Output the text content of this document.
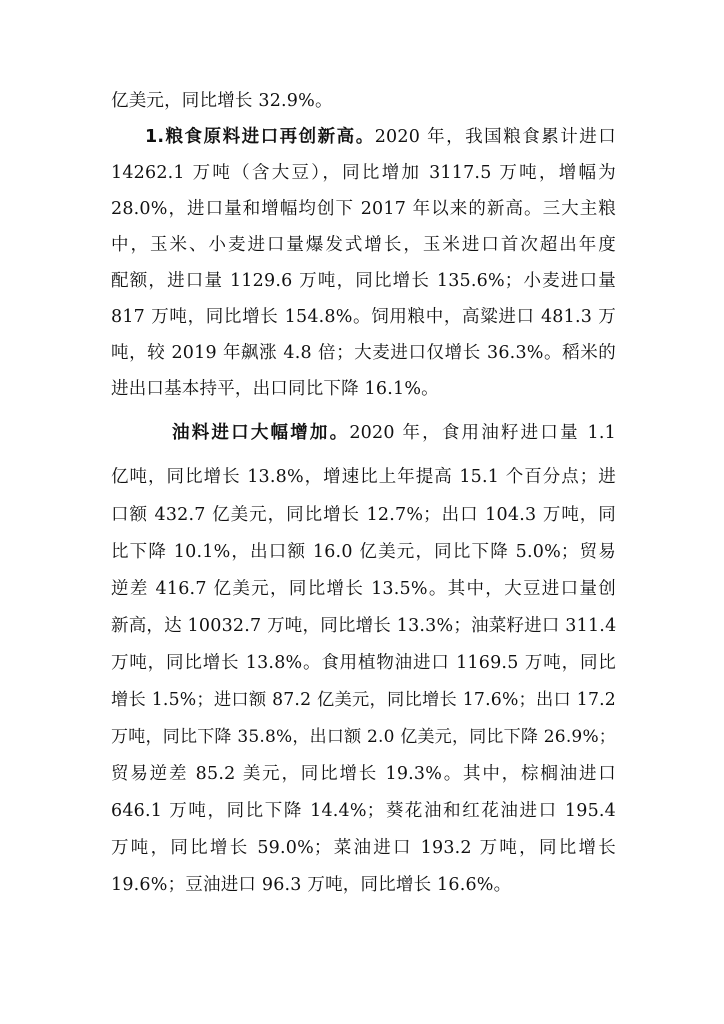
亿美元，同比增长 32.9%。
1.粮食原料进口再创新高。2020 年，我国粮食累计进口
14262.1 万吨（含大豆），同比增加 3117.5 万吨，增幅为
28.0%，进口量和增幅均创下 2017 年以来的新高。三大主粮
中，玉米、小麦进口量爆发式增长，玉米进口首次超出年度
配额，进口量 1129.6 万吨，同比增长 135.6%；小麦进口量
817 万吨，同比增长 154.8%。饲用粮中，高粱进口 481.3 万
吨，较 2019 年飙涨 4.8 倍；大麦进口仅增长 36.3%。稻米的
进出口基本持平，出口同比下降 16.1%。
油料进口大幅增加。2020 年，食用油籽进口量 1.1
亿吨，同比增长 13.8%，增速比上年提高 15.1 个百分点；进
口额 432.7 亿美元，同比增长 12.7%；出口 104.3 万吨，同
比下降 10.1%，出口额 16.0 亿美元，同比下降 5.0%；贸易
逆差 416.7 亿美元，同比增长 13.5%。其中，大豆进口量创
新高，达 10032.7 万吨，同比增长 13.3%；油菜籽进口 311.4
万吨，同比增长 13.8%。食用植物油进口 1169.5 万吨，同比
增长 1.5%；进口额 87.2 亿美元，同比增长 17.6%；出口 17.2
万吨，同比下降 35.8%，出口额 2.0 亿美元，同比下降 26.9%；
贸易逆差 85.2 美元，同比增长 19.3%。其中，棕榈油进口
646.1 万吨，同比下降 14.4%；葵花油和红花油进口 195.4
万吨，同比增长 59.0%；菜油进口 193.2 万吨，同比增长
19.6%；豆油进口 96.3 万吨，同比增长 16.6%。
